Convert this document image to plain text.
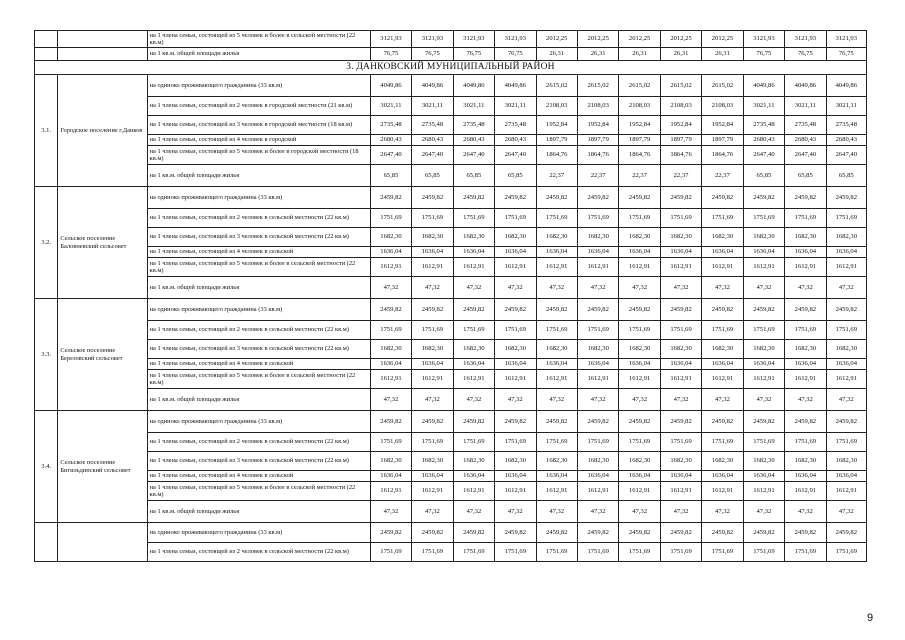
		на 1 члена семьи, состоящей из 5 человек и более в сельской местности (22 кв.м)	3121,93	3121,93	3121,93	3121,93	2012,25	2012,25	2012,25	2012,25	2012,25	3121,93	3121,93	3121,93
		на 1 кв.м. общей площади жилья	76,75	76,75	76,75	76,75	26,31	26,31	26,31	26,31	26,31	76,75	76,75	76,75
3. ДАНКОВСКИЙ МУНИЦИПАЛЬНЫЙ РАЙОН														
3.1.	Городское поселение г.Данков	на одиноко проживающего гражданина (33 кв.м)	4049,86	4049,86	4049,86	4049,86	2615,02	2615,02	2615,02	2615,02	2615,02	4049,86	4049,86	4049,86
		на 1 члена семьи, состоящей из 2 человек в городской местности (21 кв.м)	3021,11	3021,11	3021,11	3021,11	2108,03	2108,03	2108,03	2108,03	2108,03	3021,11	3021,11	3021,11
		на 1 члена семьи, состоящей из 3 человек в городской местности (18 кв.м)	2735,48	2735,48	2735,48	2735,48	1952,84	1952,84	1952,84	1952,84	1952,84	2735,48	2735,48	2735,48
		на 1 члена семьи, состоящей из 4 человек в городской	2680,43	2680,43	2680,43	2680,43	1897,79	1897,79	1897,79	1897,79	1897,79	2680,43	2680,43	2680,43
		на 1 члена семьи, состоящей из 5 человек и более в городской местности (18 кв.м)	2647,40	2647,40	2647,40	2647,40	1864,76	1864,76	1864,76	1864,76	1864,76	2647,40	2647,40	2647,40
		на 1 кв.м. общей площади жилья	65,85	65,85	65,85	65,85	22,37	22,37	22,37	22,37	22,37	65,85	65,85	65,85
3.2.	Сельское поселение Баловневский сельсовет	на одиноко проживающего гражданина (33 кв.м)	2459,82	2459,82	2459,82	2459,82	2459,82	2459,82	2459,82	2459,82	2459,82	2459,82	2459,82	2459,82
		на 1 члена семьи, состоящей из 2 человек в сельской местности (22 кв.м)	1751,69	1751,69	1751,69	1751,69	1751,69	1751,69	1751,69	1751,69	1751,69	1751,69	1751,69	1751,69
		на 1 члена семьи, состоящей из 3 человек в сельской местности (22 кв.м)	1682,30	1682,30	1682,30	1682,30	1682,30	1682,30	1682,30	1682,30	1682,30	1682,30	1682,30	1682,30
		на 1 члена семьи, состоящей из 4 человек в сельской	1636,04	1636,04	1636,04	1636,04	1636,04	1636,04	1636,04	1636,04	1636,04	1636,04	1636,04	1636,04
		на 1 члена семьи, состоящей из 5 человек и более в сельской местности (22 кв.м)	1612,91	1612,91	1612,91	1612,91	1612,91	1612,91	1612,91	1612,91	1612,91	1612,91	1612,91	1612,91
		на 1 кв.м. общей площади жилья	47,32	47,32	47,32	47,32	47,32	47,32	47,32	47,32	47,32	47,32	47,32	47,32
3.3.	Сельское поселение Березовский сельсовет	на одиноко проживающего гражданина (33 кв.м)	2459,82	2459,82	2459,82	2459,82	2459,82	2459,82	2459,82	2459,82	2459,82	2459,82	2459,82	2459,82
		на 1 члена семьи, состоящей из 2 человек в сельской местности (22 кв.м)	1751,69	1751,69	1751,69	1751,69	1751,69	1751,69	1751,69	1751,69	1751,69	1751,69	1751,69	1751,69
		на 1 члена семьи, состоящей из 3 человек в сельской местности (22 кв.м)	1682,30	1682,30	1682,30	1682,30	1682,30	1682,30	1682,30	1682,30	1682,30	1682,30	1682,30	1682,30
		на 1 члена семьи, состоящей из 4 человек в сельской	1636,04	1636,04	1636,04	1636,04	1636,04	1636,04	1636,04	1636,04	1636,04	1636,04	1636,04	1636,04
		на 1 члена семьи, состоящей из 5 человек и более в сельской местности (22 кв.м)	1612,91	1612,91	1612,91	1612,91	1612,91	1612,91	1612,91	1612,91	1612,91	1612,91	1612,91	1612,91
		на 1 кв.м. общей площади жилья	47,32	47,32	47,32	47,32	47,32	47,32	47,32	47,32	47,32	47,32	47,32	47,32
3.4.	Сельское поселение Бигильдинский сельсовет	на одиноко проживающего гражданина (33 кв.м)	2459,82	2459,82	2459,82	2459,82	2459,82	2459,82	2459,82	2459,82	2459,82	2459,82	2459,82	2459,82
		на 1 члена семьи, состоящей из 2 человек в сельской местности (22 кв.м)	1751,69	1751,69	1751,69	1751,69	1751,69	1751,69	1751,69	1751,69	1751,69	1751,69	1751,69	1751,69
		на 1 члена семьи, состоящей из 3 человек в сельской местности (22 кв.м)	1682,30	1682,30	1682,30	1682,30	1682,30	1682,30	1682,30	1682,30	1682,30	1682,30	1682,30	1682,30
		на 1 члена семьи, состоящей из 4 человек в сельской	1636,04	1636,04	1636,04	1636,04	1636,04	1636,04	1636,04	1636,04	1636,04	1636,04	1636,04	1636,04
		на 1 члена семьи, состоящей из 5 человек и более в сельской местности (22 кв.м)	1612,91	1612,91	1612,91	1612,91	1612,91	1612,91	1612,91	1612,91	1612,91	1612,91	1612,91	1612,91
		на 1 кв.м. общей площади жилья	47,32	47,32	47,32	47,32	47,32	47,32	47,32	47,32	47,32	47,32	47,32	47,32
		на одиноко проживающего гражданина (33 кв.м)	2459,82	2459,82	2459,82	2459,82	2459,82	2459,82	2459,82	2459,82	2459,82	2459,82	2459,82	2459,82
		на 1 члена семьи, состоящей из 2 человек в сельской местности (22 кв.м)	1751,69	1751,69	1751,69	1751,69	1751,69	1751,69	1751,69	1751,69	1751,69	1751,69	1751,69	1751,69
9
